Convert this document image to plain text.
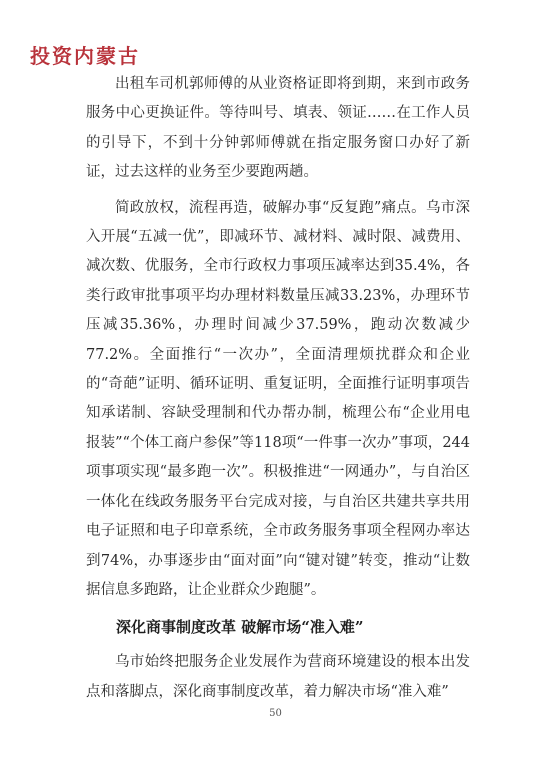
投资内蒙古

出租车司机郭师傅的从业资格证即将到期，来到市政务服务中心更换证件。等待叫号、填表、领证……在工作人员的引导下，不到十分钟郭师傅就在指定服务窗口办好了新证，过去这样的业务至少要跑两趟。

简政放权，流程再造，破解办事“反复跑”痛点。乌市深入开展“五减一优”，即减环节、减材料、减时限、减费用、减次数、优服务，全市行政权力事项压减率达到35.4%，各类行政审批事项平均办理材料数量压减33.23%，办理环节压减35.36%，办理时间减少37.59%，跑动次数减少77.2%。全面推行“一次办”，全面清理烦扰群众和企业的“奇葩”证明、循环证明、重复证明，全面推行证明事项告知承诺制、容缺受理制和代办帮办制，梳理公布“企业用电报装”“个体工商户参保”等118项“一件事一次办”事项，244项事项实现“最多跑一次”。积极推进“一网通办”，与自治区一体化在线政务服务平台完成对接，与自治区共建共享共用电子证照和电子印章系统，全市政务服务事项全程网办率达到74%，办事逐步由“面对面”向“键对键”转变，推动“让数据信息多跑路，让企业群众少跑腿”。

深化商事制度改革 破解市场“准入难”

乌市始终把服务企业发展作为营商环境建设的根本出发点和落脚点，深化商事制度改革，着力解决市场“准入难”

50
